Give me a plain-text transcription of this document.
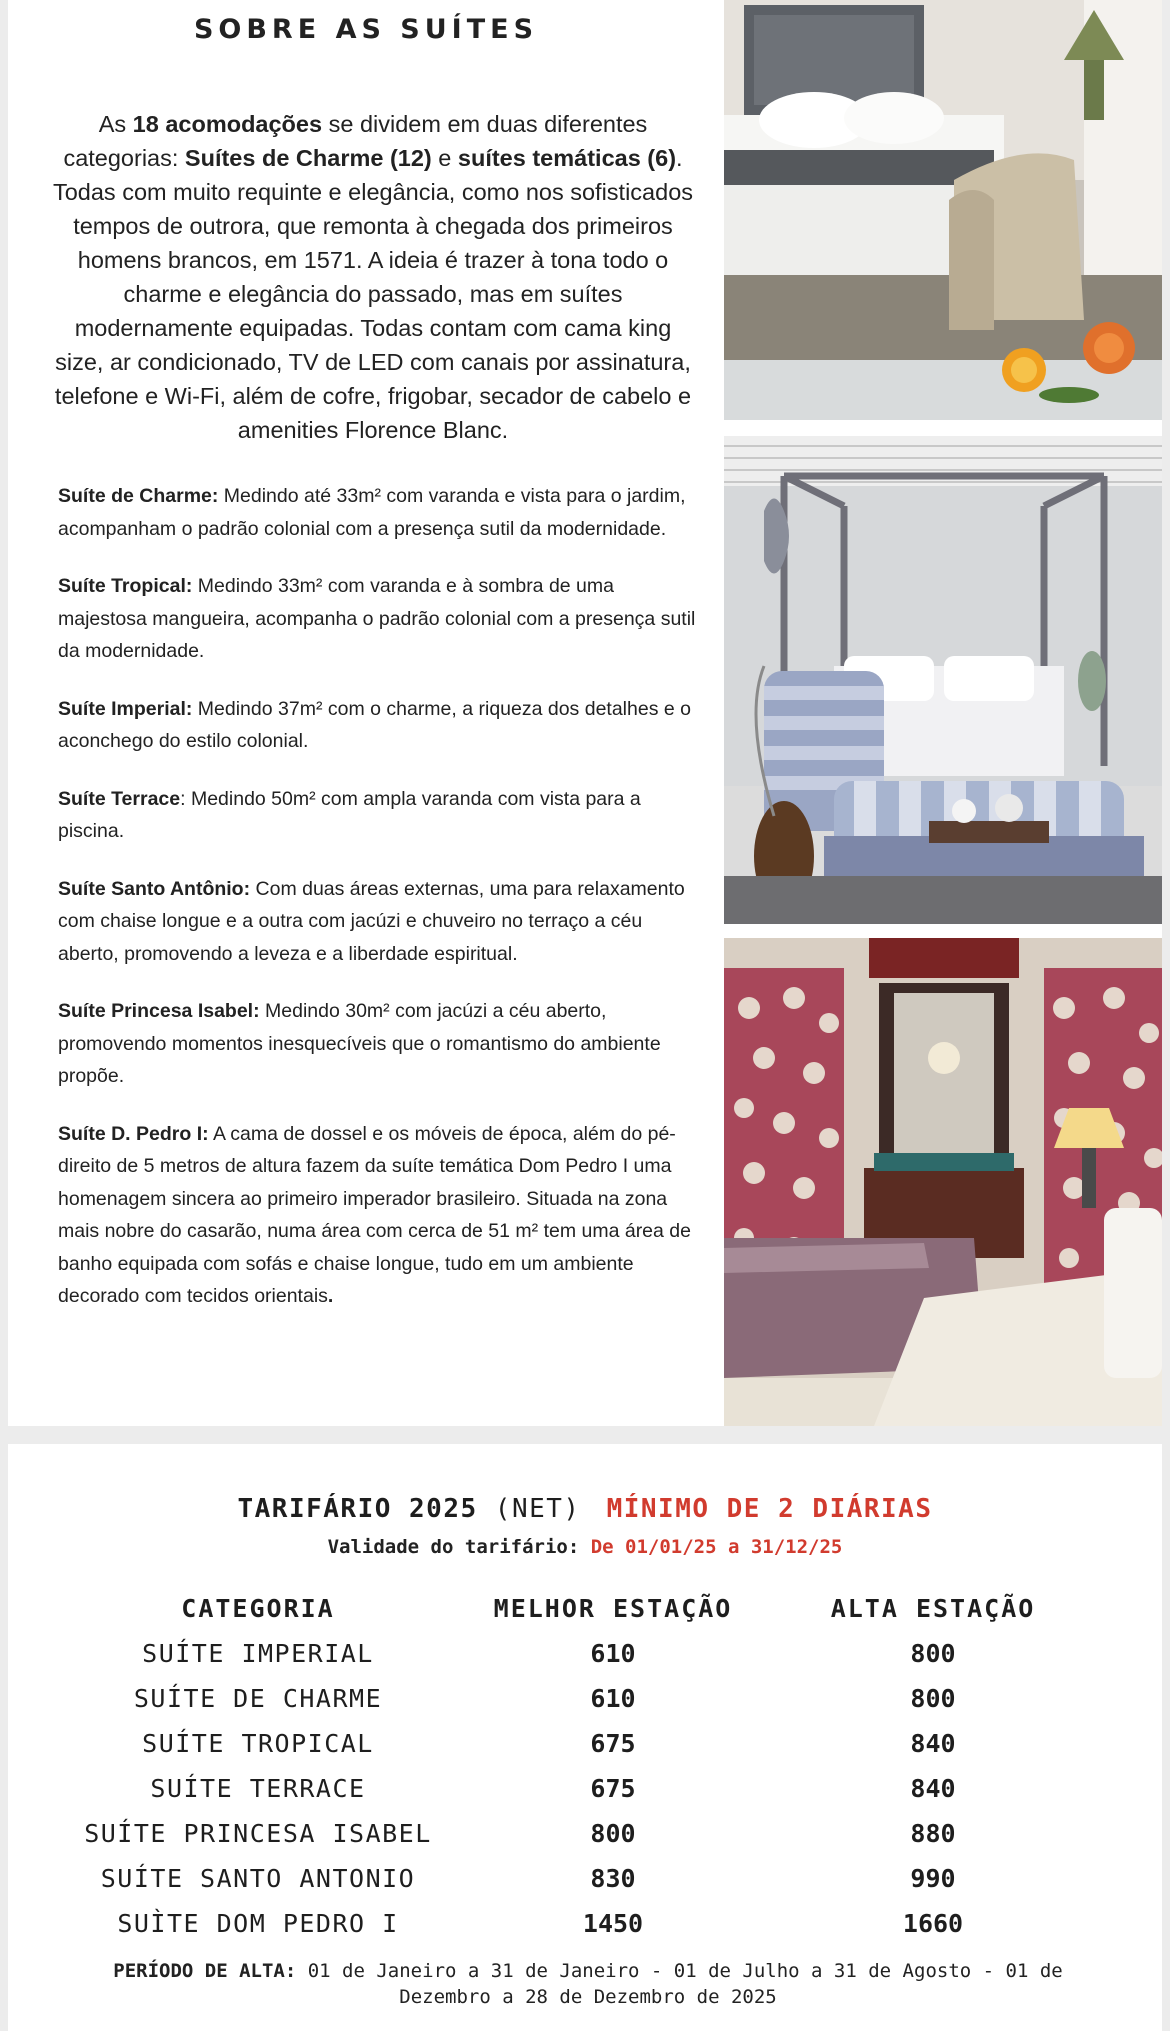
SOBRE AS SUÍTES

As 18 acomodações se dividem em duas diferentes categorias: Suítes de Charme (12) e suítes temáticas (6). Todas com muito requinte e elegância, como nos sofisticados tempos de outrora, que remonta à chegada dos primeiros homens brancos, em 1571. A ideia é trazer à tona todo o charme e elegância do passado, mas em suítes modernamente equipadas. Todas contam com cama king size, ar condicionado, TV de LED com canais por assinatura, telefone e Wi-Fi, além de cofre, frigobar, secador de cabelo e amenities Florence Blanc.

Suíte de Charme: Medindo até 33m² com varanda e vista para o jardim, acompanham o padrão colonial com a presença sutil da modernidade.

Suíte Tropical: Medindo 33m² com varanda e à sombra de uma majestosa mangueira, acompanha o padrão colonial com a presença sutil da modernidade.

Suíte Imperial: Medindo 37m² com o charme, a riqueza dos detalhes e o aconchego do estilo colonial.

Suíte Terrace: Medindo 50m² com ampla varanda com vista para a piscina.

Suíte Santo Antônio: Com duas áreas externas, uma para relaxamento com chaise longue e a outra com jacúzi e chuveiro no terraço a céu aberto, promovendo a leveza e a liberdade espiritual.

Suíte Princesa Isabel: Medindo 30m² com jacúzi a céu aberto, promovendo momentos inesquecíveis que o romantismo do ambiente propõe.

Suíte D. Pedro I: A cama de dossel e os móveis de época, além do pé-direito de 5 metros de altura fazem da suíte temática Dom Pedro I uma homenagem sincera ao primeiro imperador brasileiro. Situada na zona mais nobre do casarão, numa área com cerca de 51 m² tem uma área de banho equipada com sofás e chaise longue, tudo em um ambiente decorado com tecidos orientais.

TARIFÁRIO 2025 (NET) MÍNIMO DE 2 DIÁRIAS
Validade do tarifário: De 01/01/25 a 31/12/25
CATEGORIA	MELHOR ESTAÇÃO	ALTA ESTAÇÃO
SUÍTE IMPERIAL	610	800
SUÍTE DE CHARME	610	800
SUÍTE TROPICAL	675	840
SUÍTE TERRACE	675	840
SUÍTE PRINCESA ISABEL	800	880
SUÍTE SANTO ANTONIO	830	990
SUÌTE DOM PEDRO I	1450	1660

PERÍODO DE ALTA: 01 de Janeiro a 31 de Janeiro - 01 de Julho a 31 de Agosto - 01 de Dezembro a 28 de Dezembro de 2025
